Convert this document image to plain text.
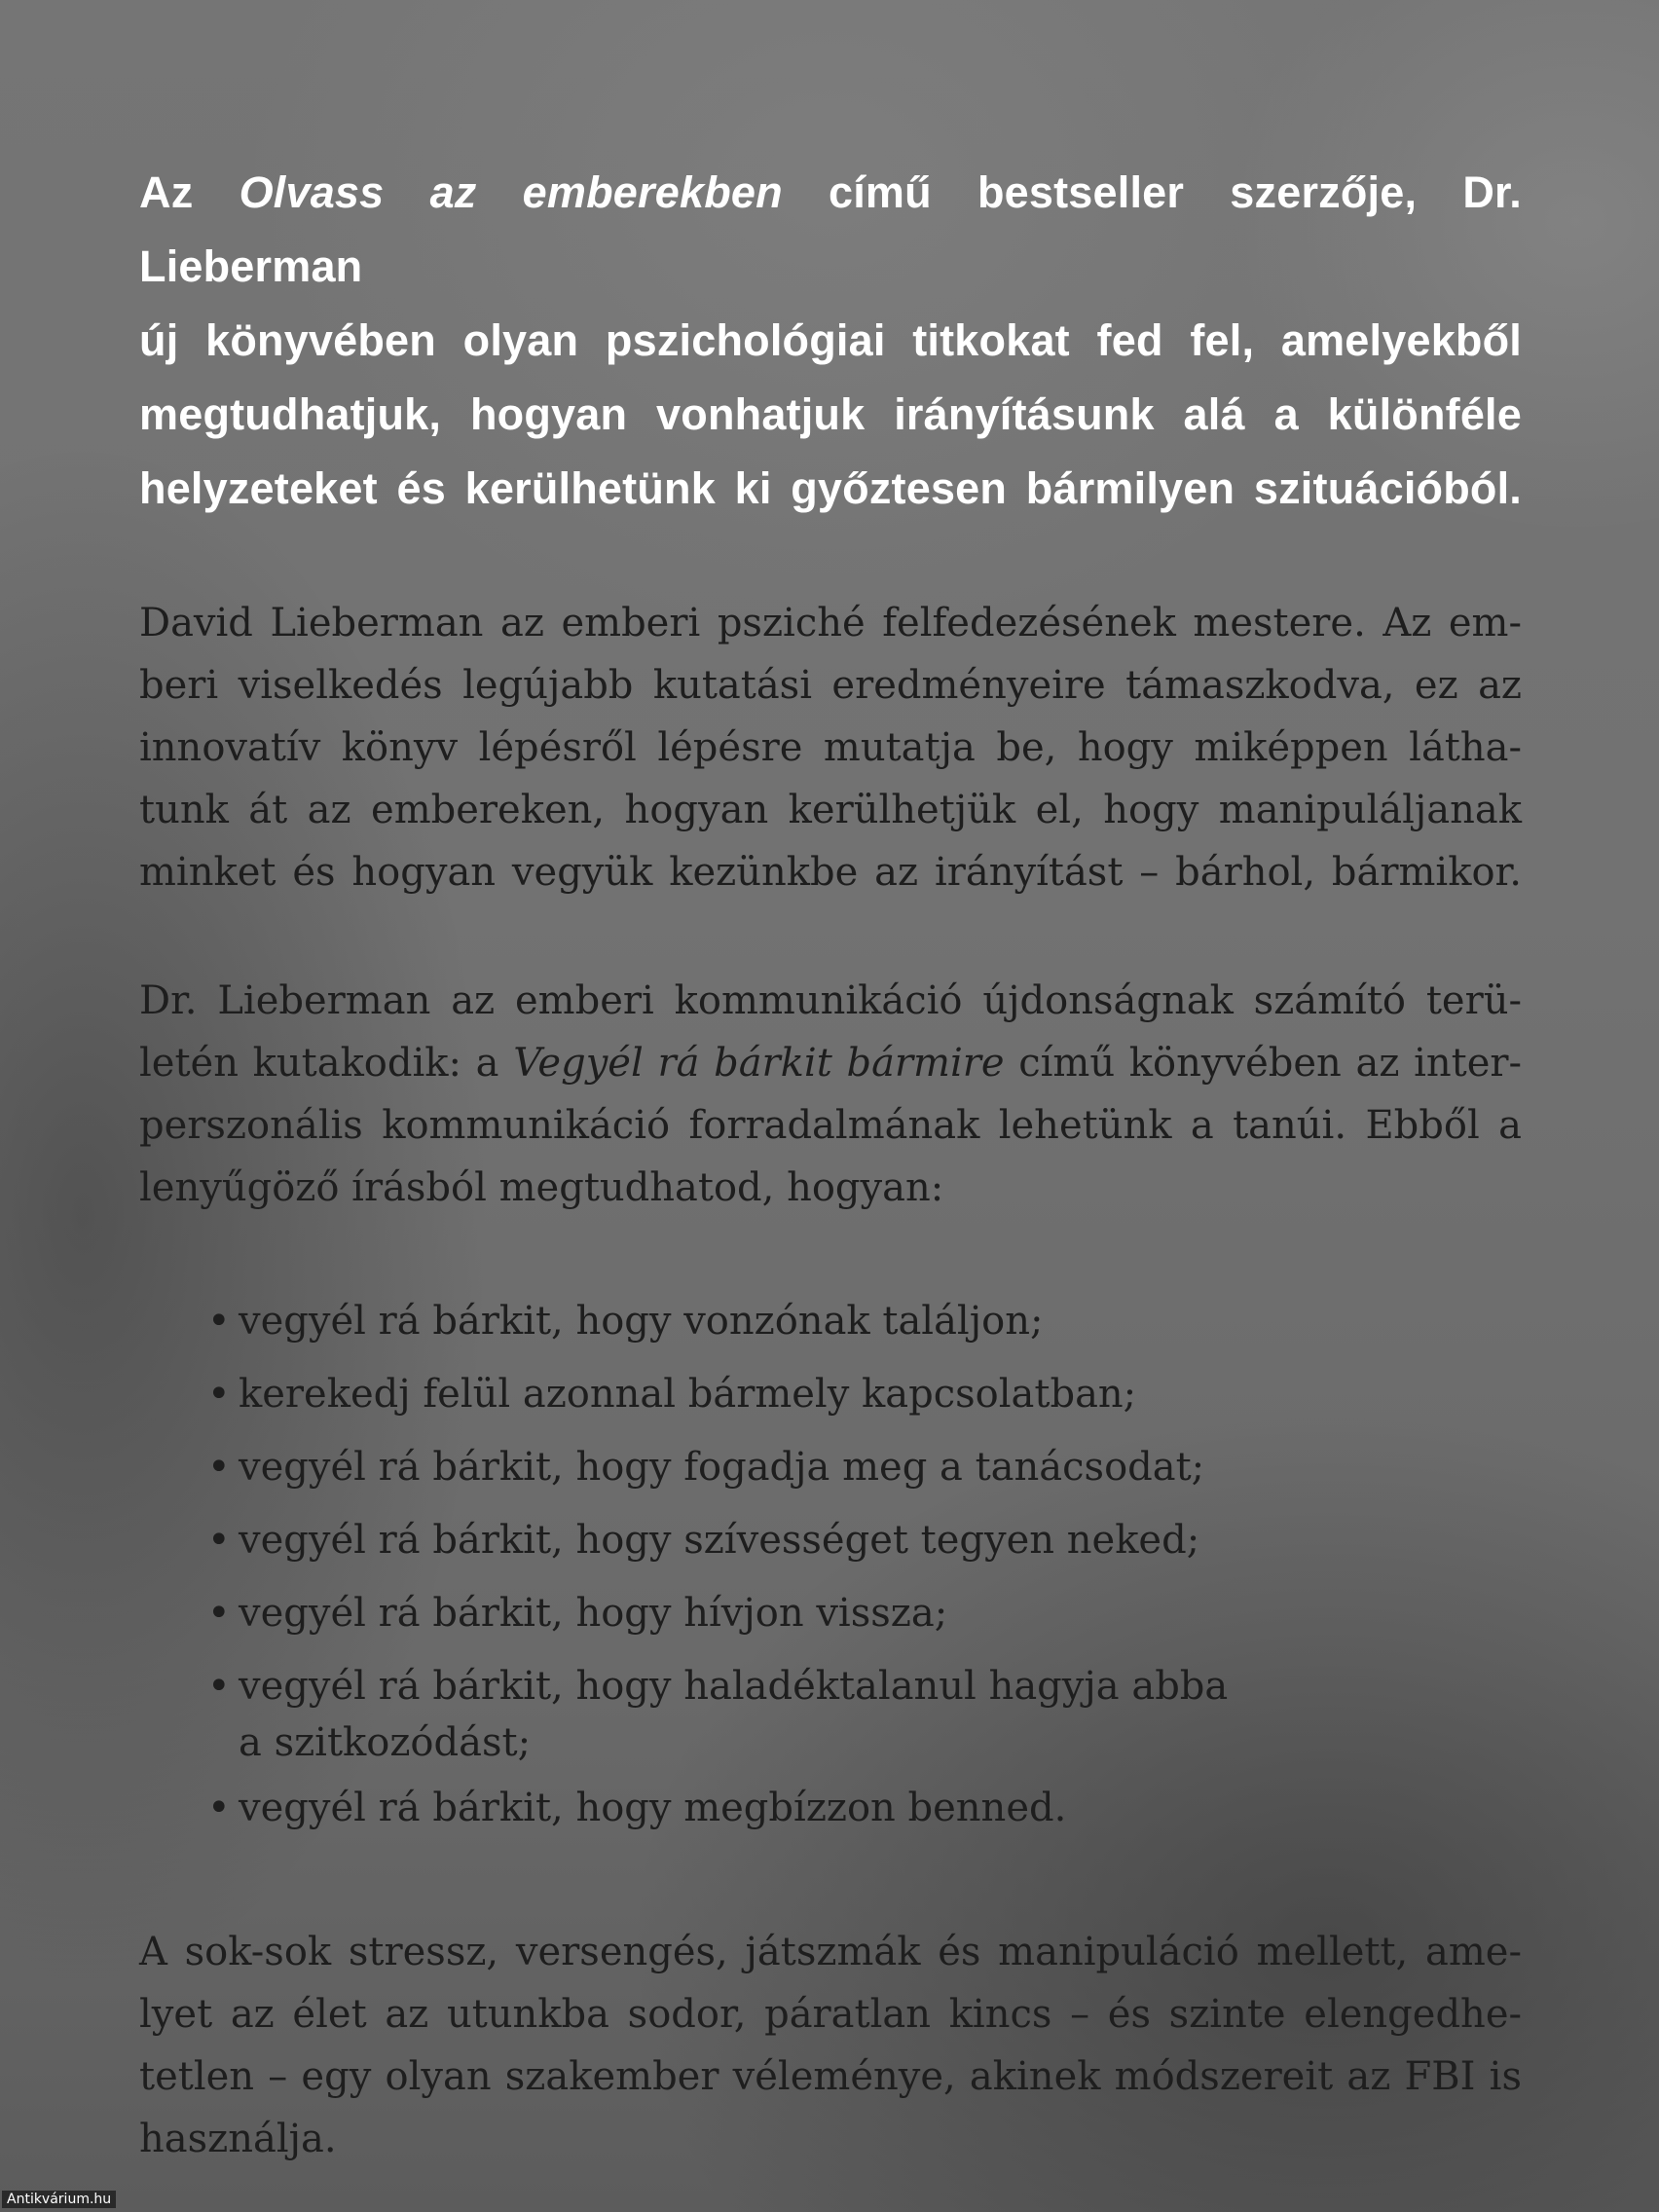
Az Olvass az emberekben című bestseller szerzője, Dr. Lieberman
új könyvében olyan pszichológiai titkokat fed fel, amelyekből
megtudhatjuk, hogyan vonhatjuk irányításunk alá a különféle
helyzeteket és kerülhetünk ki győztesen bármilyen szituációból.
David Lieberman az emberi psziché felfedezésének mestere. Az em-
beri viselkedés legújabb kutatási eredményeire támaszkodva, ez az
innovatív könyv lépésről lépésre mutatja be, hogy miképpen látha-
tunk át az embereken, hogyan kerülhetjük el, hogy manipuláljanak
minket és hogyan vegyük kezünkbe az irányítást – bárhol, bármikor.
Dr. Lieberman az emberi kommunikáció újdonságnak számító terü-
letén kutakodik: a Vegyél rá bárkit bármire című könyvében az inter-
perszonális kommunikáció forradalmának lehetünk a tanúi. Ebből a
lenyűgöző írásból megtudhatod, hogyan:
• vegyél rá bárkit, hogy vonzónak találjon;
• kerekedj felül azonnal bármely kapcsolatban;
• vegyél rá bárkit, hogy fogadja meg a tanácsodat;
• vegyél rá bárkit, hogy szívességet tegyen neked;
• vegyél rá bárkit, hogy hívjon vissza;
• vegyél rá bárkit, hogy haladéktalanul hagyja abba
a szitkozódást;
• vegyél rá bárkit, hogy megbízzon benned.
A sok-sok stressz, versengés, játszmák és manipuláció mellett, ame-
lyet az élet az utunkba sodor, páratlan kincs – és szinte elengedhe-
tetlen – egy olyan szakember véleménye, akinek módszereit az FBI is
használja.
Antikvárium.hu
